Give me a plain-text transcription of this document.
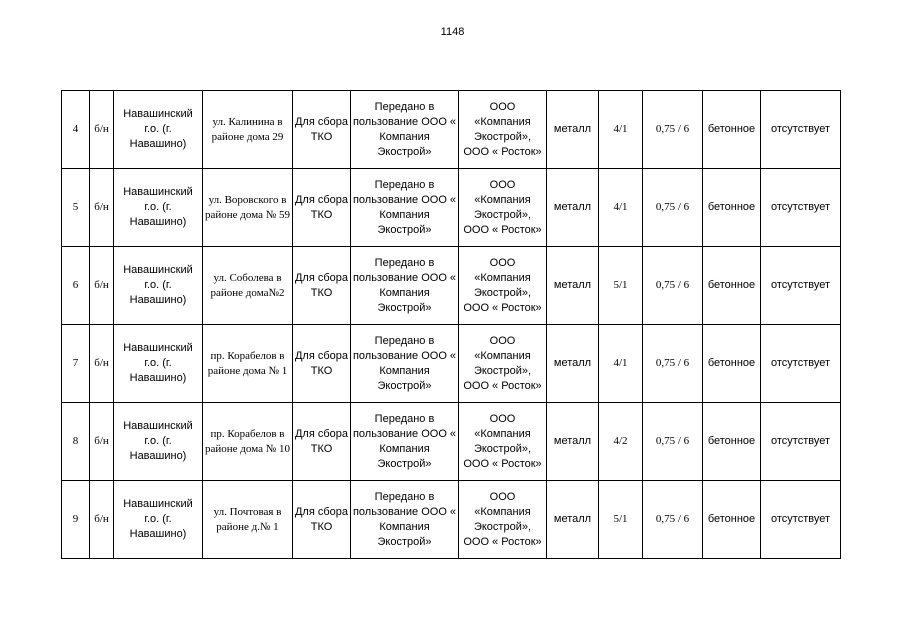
1148
4	б/н	Навашинский г.о. (г. Навашино)	ул. Калинина в районе дома 29	Для сбора ТКО	Передано в пользование ООО « Компания Экострой»	ООО «Компания Экострой», ООО « Росток»	металл	4/1	0,75 / 6	бетонное	отсутствует
5	б/н	Навашинский г.о. (г. Навашино)	ул. Воровского в районе дома № 59	Для сбора ТКО	Передано в пользование ООО « Компания Экострой»	ООО «Компания Экострой», ООО « Росток»	металл	4/1	0,75 / 6	бетонное	отсутствует
6	б/н	Навашинский г.о. (г. Навашино)	ул. Соболева в районе дома№2	Для сбора ТКО	Передано в пользование ООО « Компания Экострой»	ООО «Компания Экострой», ООО « Росток»	металл	5/1	0,75 / 6	бетонное	отсутствует
7	б/н	Навашинский г.о. (г. Навашино)	пр. Корабелов в районе дома № 1	Для сбора ТКО	Передано в пользование ООО « Компания Экострой»	ООО «Компания Экострой», ООО « Росток»	металл	4/1	0,75 / 6	бетонное	отсутствует
8	б/н	Навашинский г.о. (г. Навашино)	пр. Корабелов в районе дома № 10	Для сбора ТКО	Передано в пользование ООО « Компания Экострой»	ООО «Компания Экострой», ООО « Росток»	металл	4/2	0,75 / 6	бетонное	отсутствует
9	б/н	Навашинский г.о. (г. Навашино)	ул. Почтовая в районе д.№ 1	Для сбора ТКО	Передано в пользование ООО « Компания Экострой»	ООО «Компания Экострой», ООО « Росток»	металл	5/1	0,75 / 6	бетонное	отсутствует
